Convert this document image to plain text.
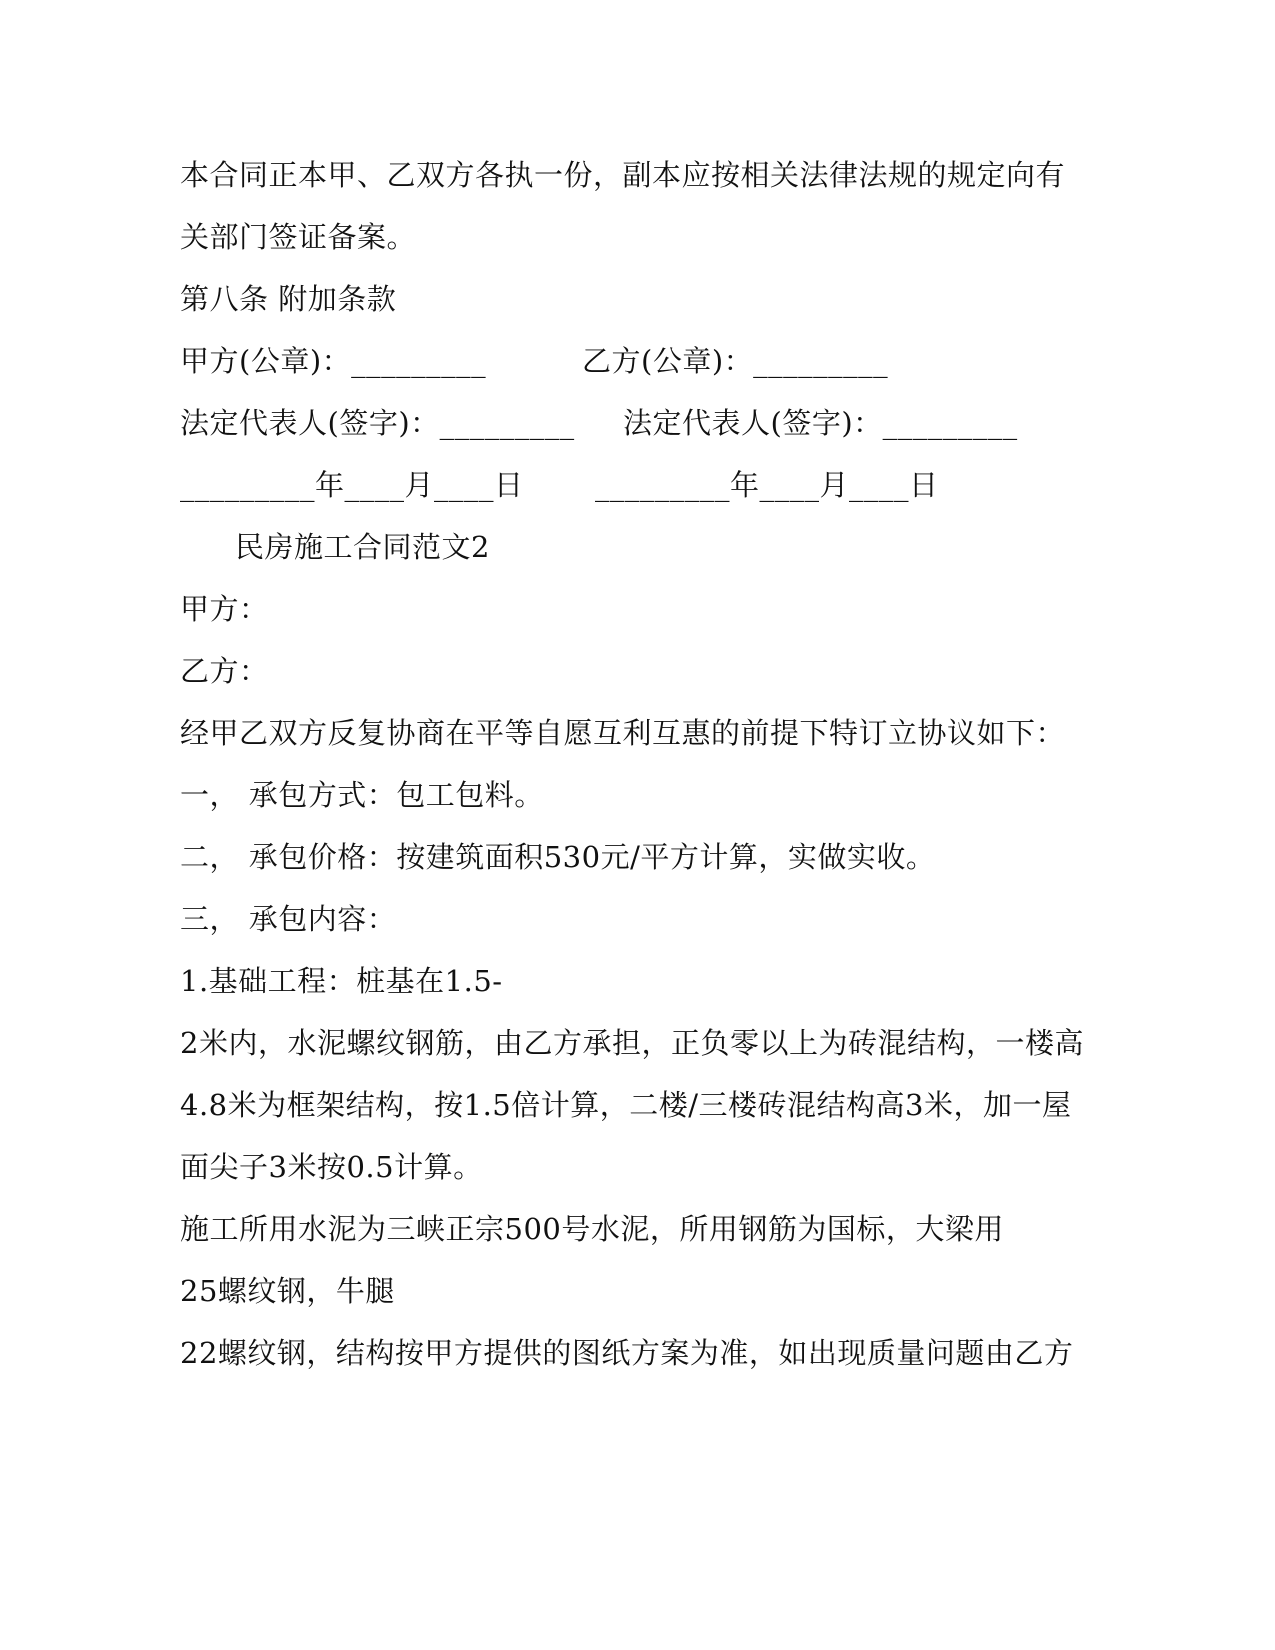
本合同正本甲、乙双方各执一份，副本应按相关法律法规的规定向有
关部门签证备案。
第八条 附加条款
甲方(公章)：_________	乙方(公章)：_________
法定代表人(签字)：_________ 法定代表人(签字)：_________
_________年____月____日 _________年____月____日
民房施工合同范文2
甲方：
乙方：
经甲乙双方反复协商在平等自愿互利互惠的前提下特订立协议如下：
一， 承包方式：包工包料。
二， 承包价格：按建筑面积530元/平方计算，实做实收。
三， 承包内容：
1.基础工程：桩基在1.5-
2米内，水泥螺纹钢筋，由乙方承担，正负零以上为砖混结构，一楼高
4.8米为框架结构，按1.5倍计算，二楼/三楼砖混结构高3米，加一屋
面尖子3米按0.5计算。
施工所用水泥为三峡正宗500号水泥，所用钢筋为国标，大梁用
25螺纹钢，牛腿
22螺纹钢，结构按甲方提供的图纸方案为准，如出现质量问题由乙方
